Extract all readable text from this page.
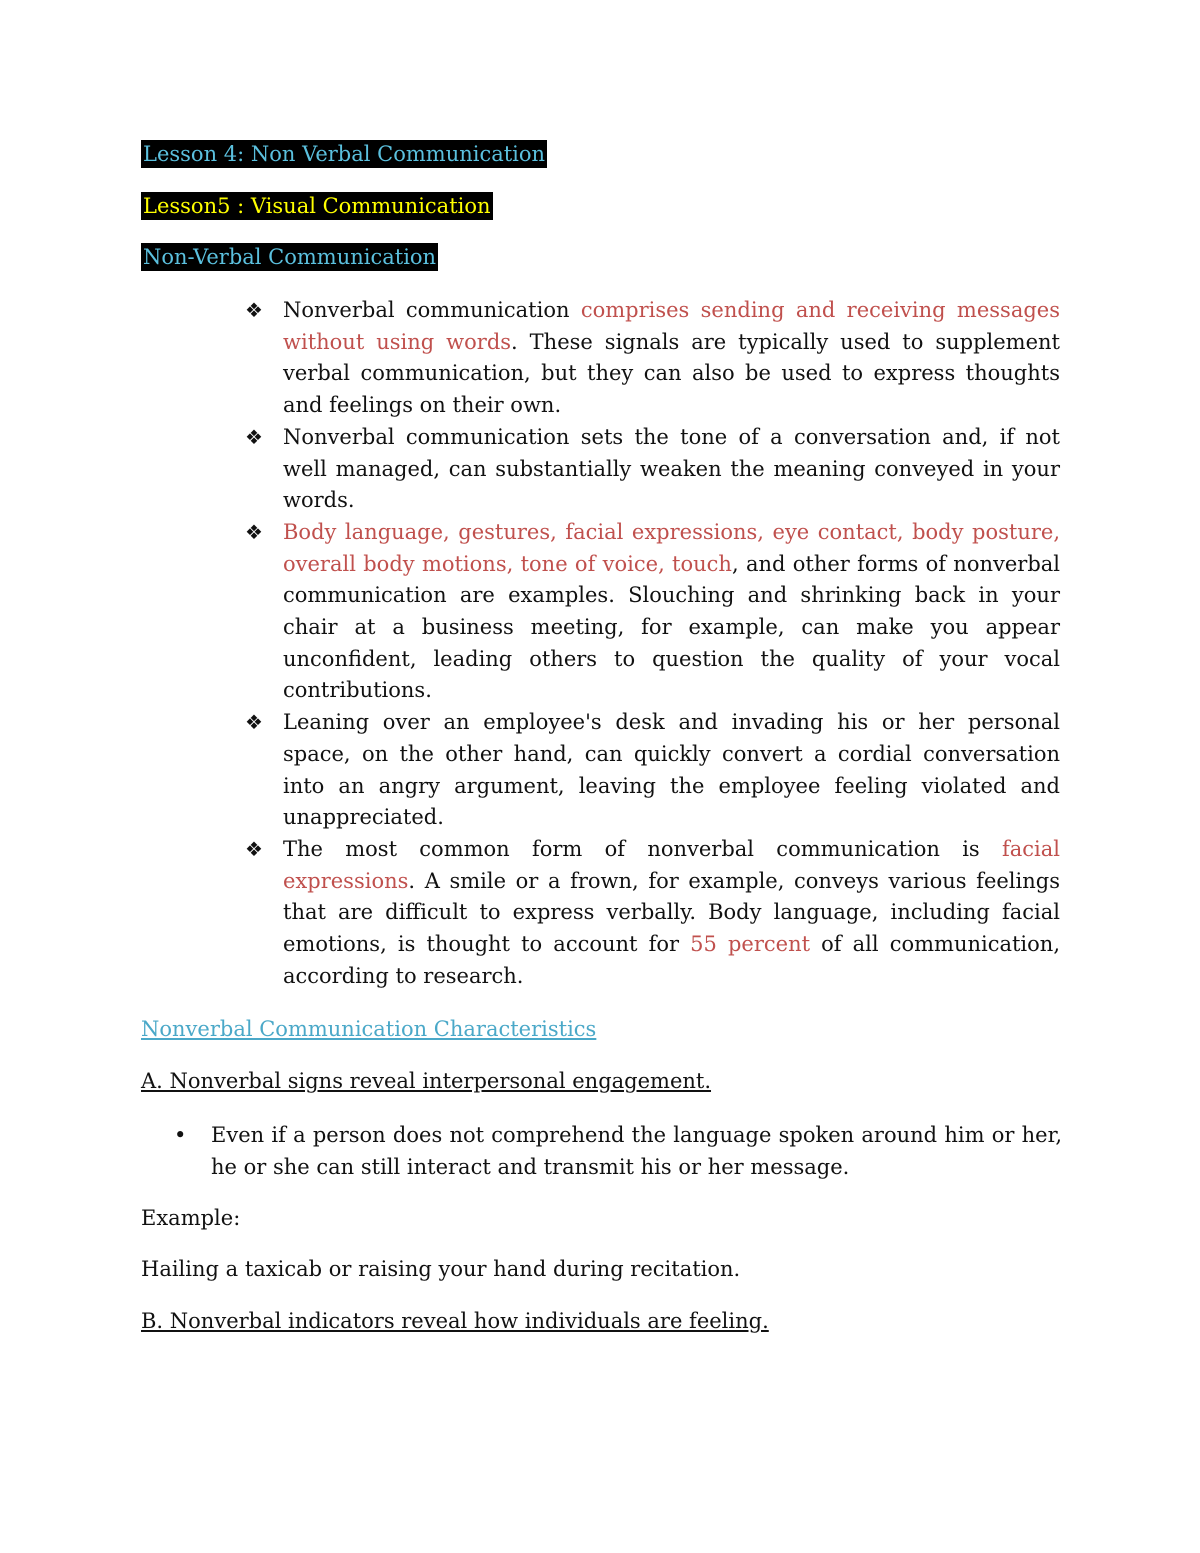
Lesson 4: Non Verbal Communication
Lesson5 : Visual Communication
Non-Verbal Communication
❖ Nonverbal communication comprises sending and receiving messages without using words. These signals are typically used to supplement verbal communication, but they can also be used to express thoughts and feelings on their own.
❖ Nonverbal communication sets the tone of a conversation and, if not well managed, can substantially weaken the meaning conveyed in your words.
❖ Body language, gestures, facial expressions, eye contact, body posture, overall body motions, tone of voice, touch, and other forms of nonverbal communication are examples. Slouching and shrinking back in your chair at a business meeting, for example, can make you appear unconfident, leading others to question the quality of your vocal contributions.
❖ Leaning over an employee's desk and invading his or her personal space, on the other hand, can quickly convert a cordial conversation into an angry argument, leaving the employee feeling violated and unappreciated.
❖ The most common form of nonverbal communication is facial expressions. A smile or a frown, for example, conveys various feelings that are difficult to express verbally. Body language, including facial emotions, is thought to account for 55 percent of all communication, according to research.
Nonverbal Communication Characteristics
A. Nonverbal signs reveal interpersonal engagement.
• Even if a person does not comprehend the language spoken around him or her, he or she can still interact and transmit his or her message.
Example:
Hailing a taxicab or raising your hand during recitation.
B. Nonverbal indicators reveal how individuals are feeling.
